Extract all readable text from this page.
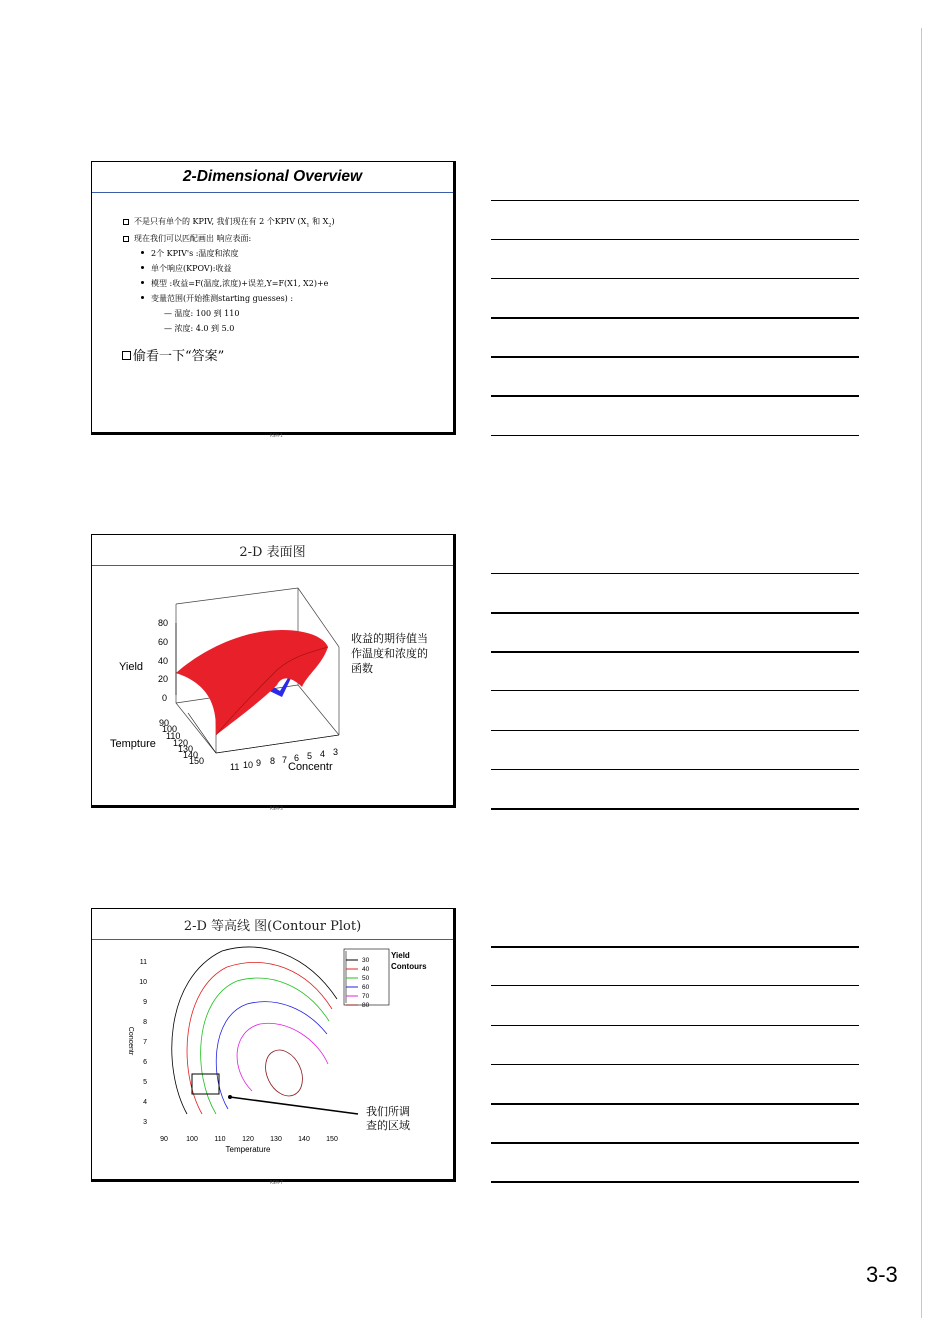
2-Dimensional Overview
不是只有单个的 KPIV, 我们现在有 2 个KPIV ($X_1$ 和 $X_2$)
现在我们可以匹配画出 响应表面:
2个 KPIV's :温度和浓度
单个响应(KPOV):收益
模型 :收益=F(温度,浓度)+误差,Y=F(X1, X2)+e
变量范围(开始推测starting guesses) :
— 温度: 100 到 110
— 浓度: 4.0 到 5.0
偷看一下“答案”
RSM-1
2-D 表面图
80
60
40
20
0
Yield
Tempture
90
100
110
120
130
140
150
11 10 9 8 7 6 5 4 3
Concentr
收益的期待值当
作温度和浓度的
函数
RSM-3
2-D 等高线 图(Contour Plot)
11
10
9
8
7
6
5
4
3
90	100 110 120 130 140 150
Temperature
Concentr
30
40
50
60
70
80
Yield
Contours
我们所调
查的区域
RSM-7
3-3
